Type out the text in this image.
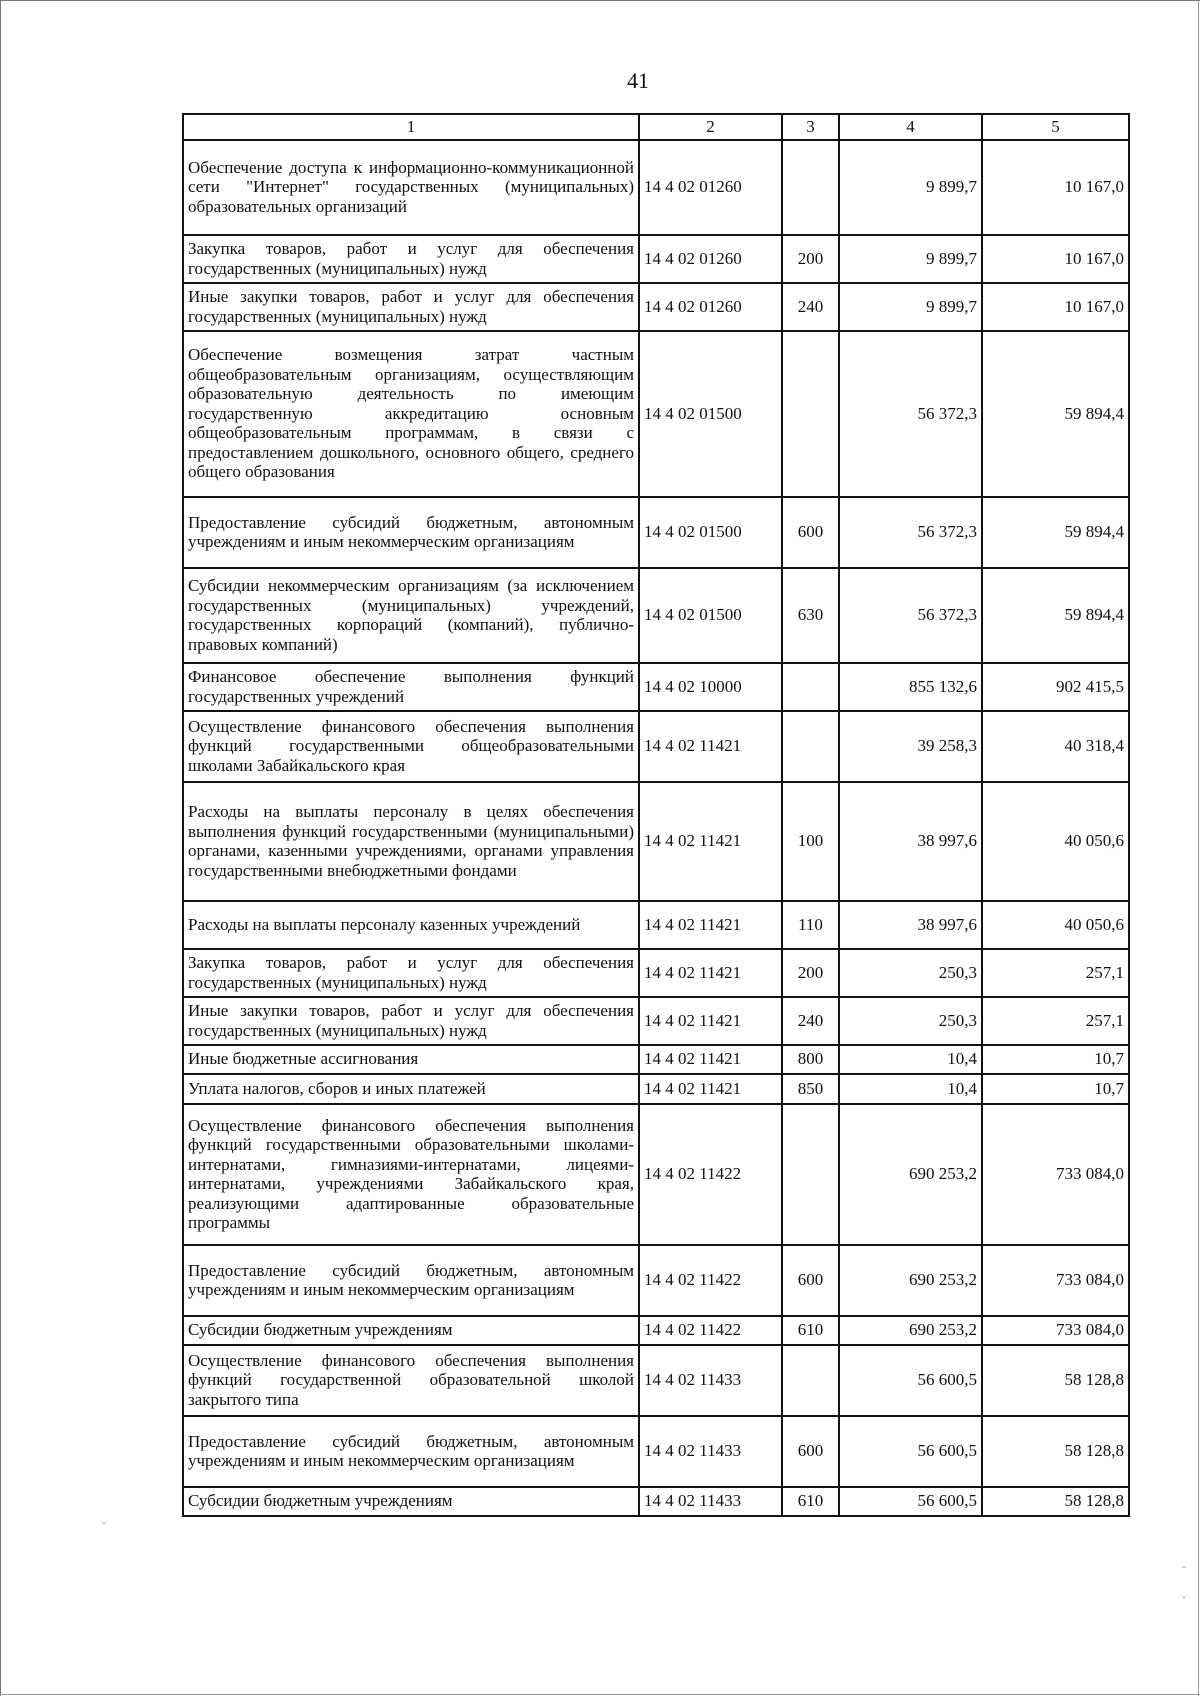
41
1	2	3	4	5
Обеспечение доступа к информационно-коммуникационной сети "Интернет" государственных (муниципальных) образовательных организаций	14 4 02 01260		9 899,7	10 167,0
Закупка товаров, работ и услуг для обеспечения государственных (муниципальных) нужд	14 4 02 01260	200	9 899,7	10 167,0
Иные закупки товаров, работ и услуг для обеспечения государственных (муниципальных) нужд	14 4 02 01260	240	9 899,7	10 167,0
Обеспечение возмещения затрат частным общеобразовательным организациям, осуществляющим образовательную деятельность по имеющим государственную аккредитацию основным общеобразовательным программам, в связи с предоставлением дошкольного, основного общего, среднего общего образования	14 4 02 01500		56 372,3	59 894,4
Предоставление субсидий бюджетным, автономным учреждениям и иным некоммерческим организациям	14 4 02 01500	600	56 372,3	59 894,4
Субсидии некоммерческим организациям (за исключением государственных (муниципальных) учреждений, государственных корпораций (компаний), публично-правовых компаний)	14 4 02 01500	630	56 372,3	59 894,4
Финансовое обеспечение выполнения функций государственных учреждений	14 4 02 10000		855 132,6	902 415,5
Осуществление финансового обеспечения выполнения функций государственными общеобразовательными школами Забайкальского края	14 4 02 11421		39 258,3	40 318,4
Расходы на выплаты персоналу в целях обеспечения выполнения функций государственными (муниципальными) органами, казенными учреждениями, органами управления государственными внебюджетными фондами	14 4 02 11421	100	38 997,6	40 050,6
Расходы на выплаты персоналу казенных учреждений	14 4 02 11421	110	38 997,6	40 050,6
Закупка товаров, работ и услуг для обеспечения государственных (муниципальных) нужд	14 4 02 11421	200	250,3	257,1
Иные закупки товаров, работ и услуг для обеспечения государственных (муниципальных) нужд	14 4 02 11421	240	250,3	257,1
Иные бюджетные ассигнования	14 4 02 11421	800	10,4	10,7
Уплата налогов, сборов и иных платежей	14 4 02 11421	850	10,4	10,7
Осуществление финансового обеспечения выполнения функций государственными образовательными школами-интернатами, гимназиями-интернатами, лицеями-интернатами, учреждениями Забайкальского края, реализующими адаптированные образовательные программы	14 4 02 11422		690 253,2	733 084,0
Предоставление субсидий бюджетным, автономным учреждениям и иным некоммерческим организациям	14 4 02 11422	600	690 253,2	733 084,0
Субсидии бюджетным учреждениям	14 4 02 11422	610	690 253,2	733 084,0
Осуществление финансового обеспечения выполнения функций государственной образовательной школой закрытого типа	14 4 02 11433		56 600,5	58 128,8
Предоставление субсидий бюджетным, автономным учреждениям и иным некоммерческим организациям	14 4 02 11433	600	56 600,5	58 128,8
Субсидии бюджетным учреждениям	14 4 02 11433	610	56 600,5	58 128,8
·
·
·
